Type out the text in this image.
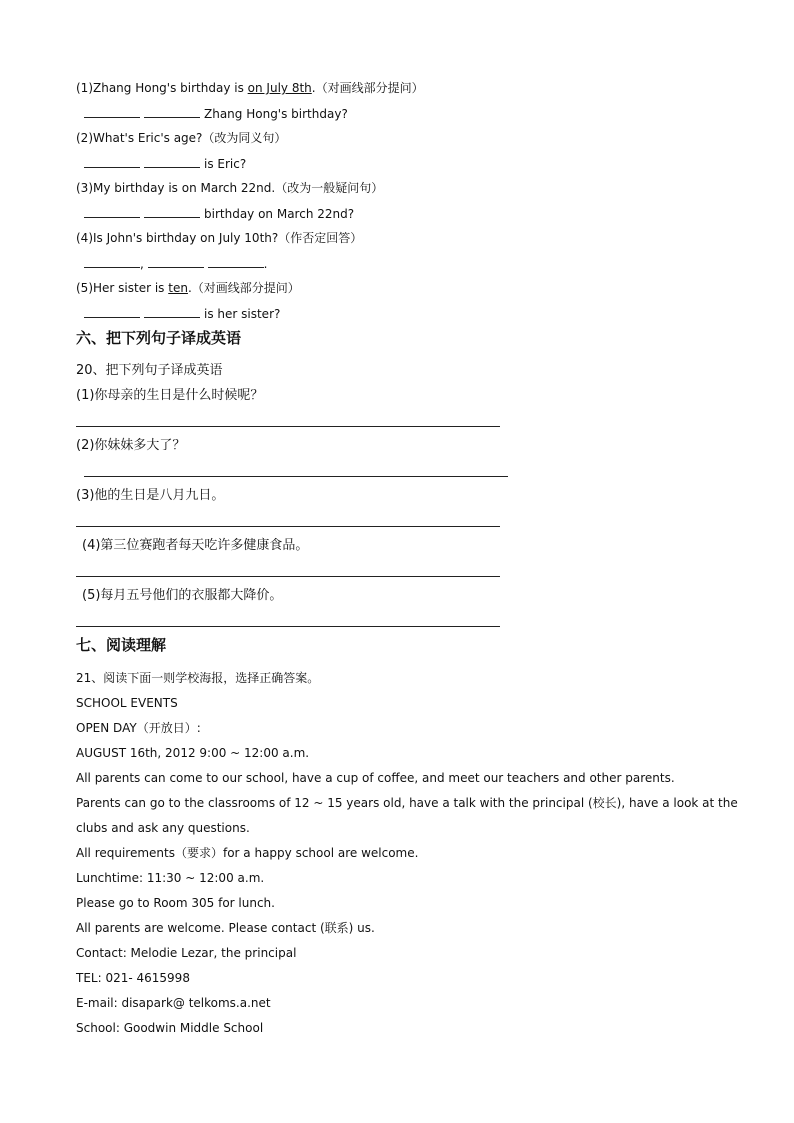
(1)Zhang Hong's birthday is on July 8th.（对画线部分提问）
Zhang Hong's birthday?
(2)What's Eric's age?（改为同义句）
is Eric?
(3)My birthday is on March 22nd.（改为一般疑问句）
birthday on March 22nd?
(4)Is John's birthday on July 10th?（作否定回答）
,	.
(5)Her sister is ten.（对画线部分提问）
is her sister?
六、把下列句子译成英语
20、把下列句子译成英语
(1)你母亲的生日是什么时候呢？
(2)你妹妹多大了？
(3)他的生日是八月九日。
(4)第三位赛跑者每天吃许多健康食品。
(5)每月五号他们的衣服都大降价。
七、阅读理解
21、阅读下面一则学校海报，选择正确答案。
SCHOOL EVENTS
OPEN DAY（开放日）:
AUGUST 16th, 2012 9:00 ~ 12:00 a.m.
All parents can come to our school, have a cup of coffee, and meet our teachers and other parents.
Parents can go to the classrooms of 12 ~ 15 years old, have a talk with the principal (校长), have a look at the
clubs and ask any questions.
All requirements（要求）for a happy school are welcome.
Lunchtime: 11:30 ~ 12:00 a.m.
Please go to Room 305 for lunch.
All parents are welcome. Please contact (联系) us.
Contact: Melodie Lezar, the principal
TEL: 021- 4615998
E-mail: disapark@ telkoms.a.net
School: Goodwin Middle School
